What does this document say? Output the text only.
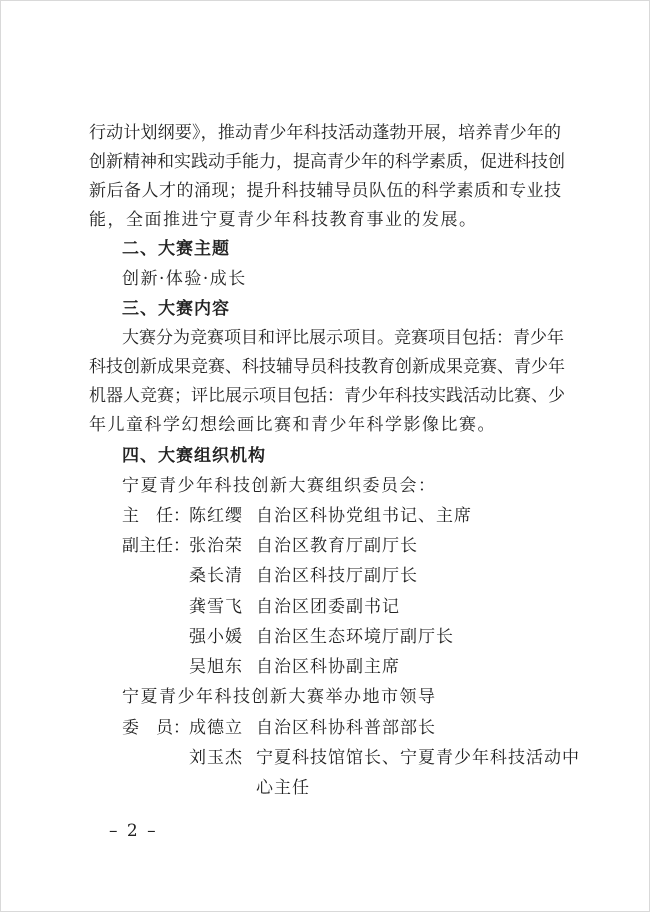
行动计划纲要》，推动青少年科技活动蓬勃开展，培养青少年的
创新精神和实践动手能力，提高青少年的科学素质，促进科技创
新后备人才的涌现；提升科技辅导员队伍的科学素质和专业技
能，全面推进宁夏青少年科技教育事业的发展。
二、大赛主题
创新·体验·成长
三、大赛内容
大赛分为竞赛项目和评比展示项目。竞赛项目包括：青少年
科技创新成果竞赛、科技辅导员科技教育创新成果竞赛、青少年
机器人竞赛；评比展示项目包括：青少年科技实践活动比赛、少
年儿童科学幻想绘画比赛和青少年科学影像比赛。
四、大赛组织机构
宁夏青少年科技创新大赛组织委员会：
主　任： 陈红缨 自治区科协党组书记、主席
副主任： 张治荣 自治区教育厅副厅长
桑长清 自治区科技厅副厅长
龚雪飞 自治区团委副书记
强小媛 自治区生态环境厅副厅长
吴旭东 自治区科协副主席
宁夏青少年科技创新大赛举办地市领导
委　员： 成德立 自治区科协科普部部长
刘玉杰 宁夏科技馆馆长、宁夏青少年科技活动中
心主任
– 2 –
